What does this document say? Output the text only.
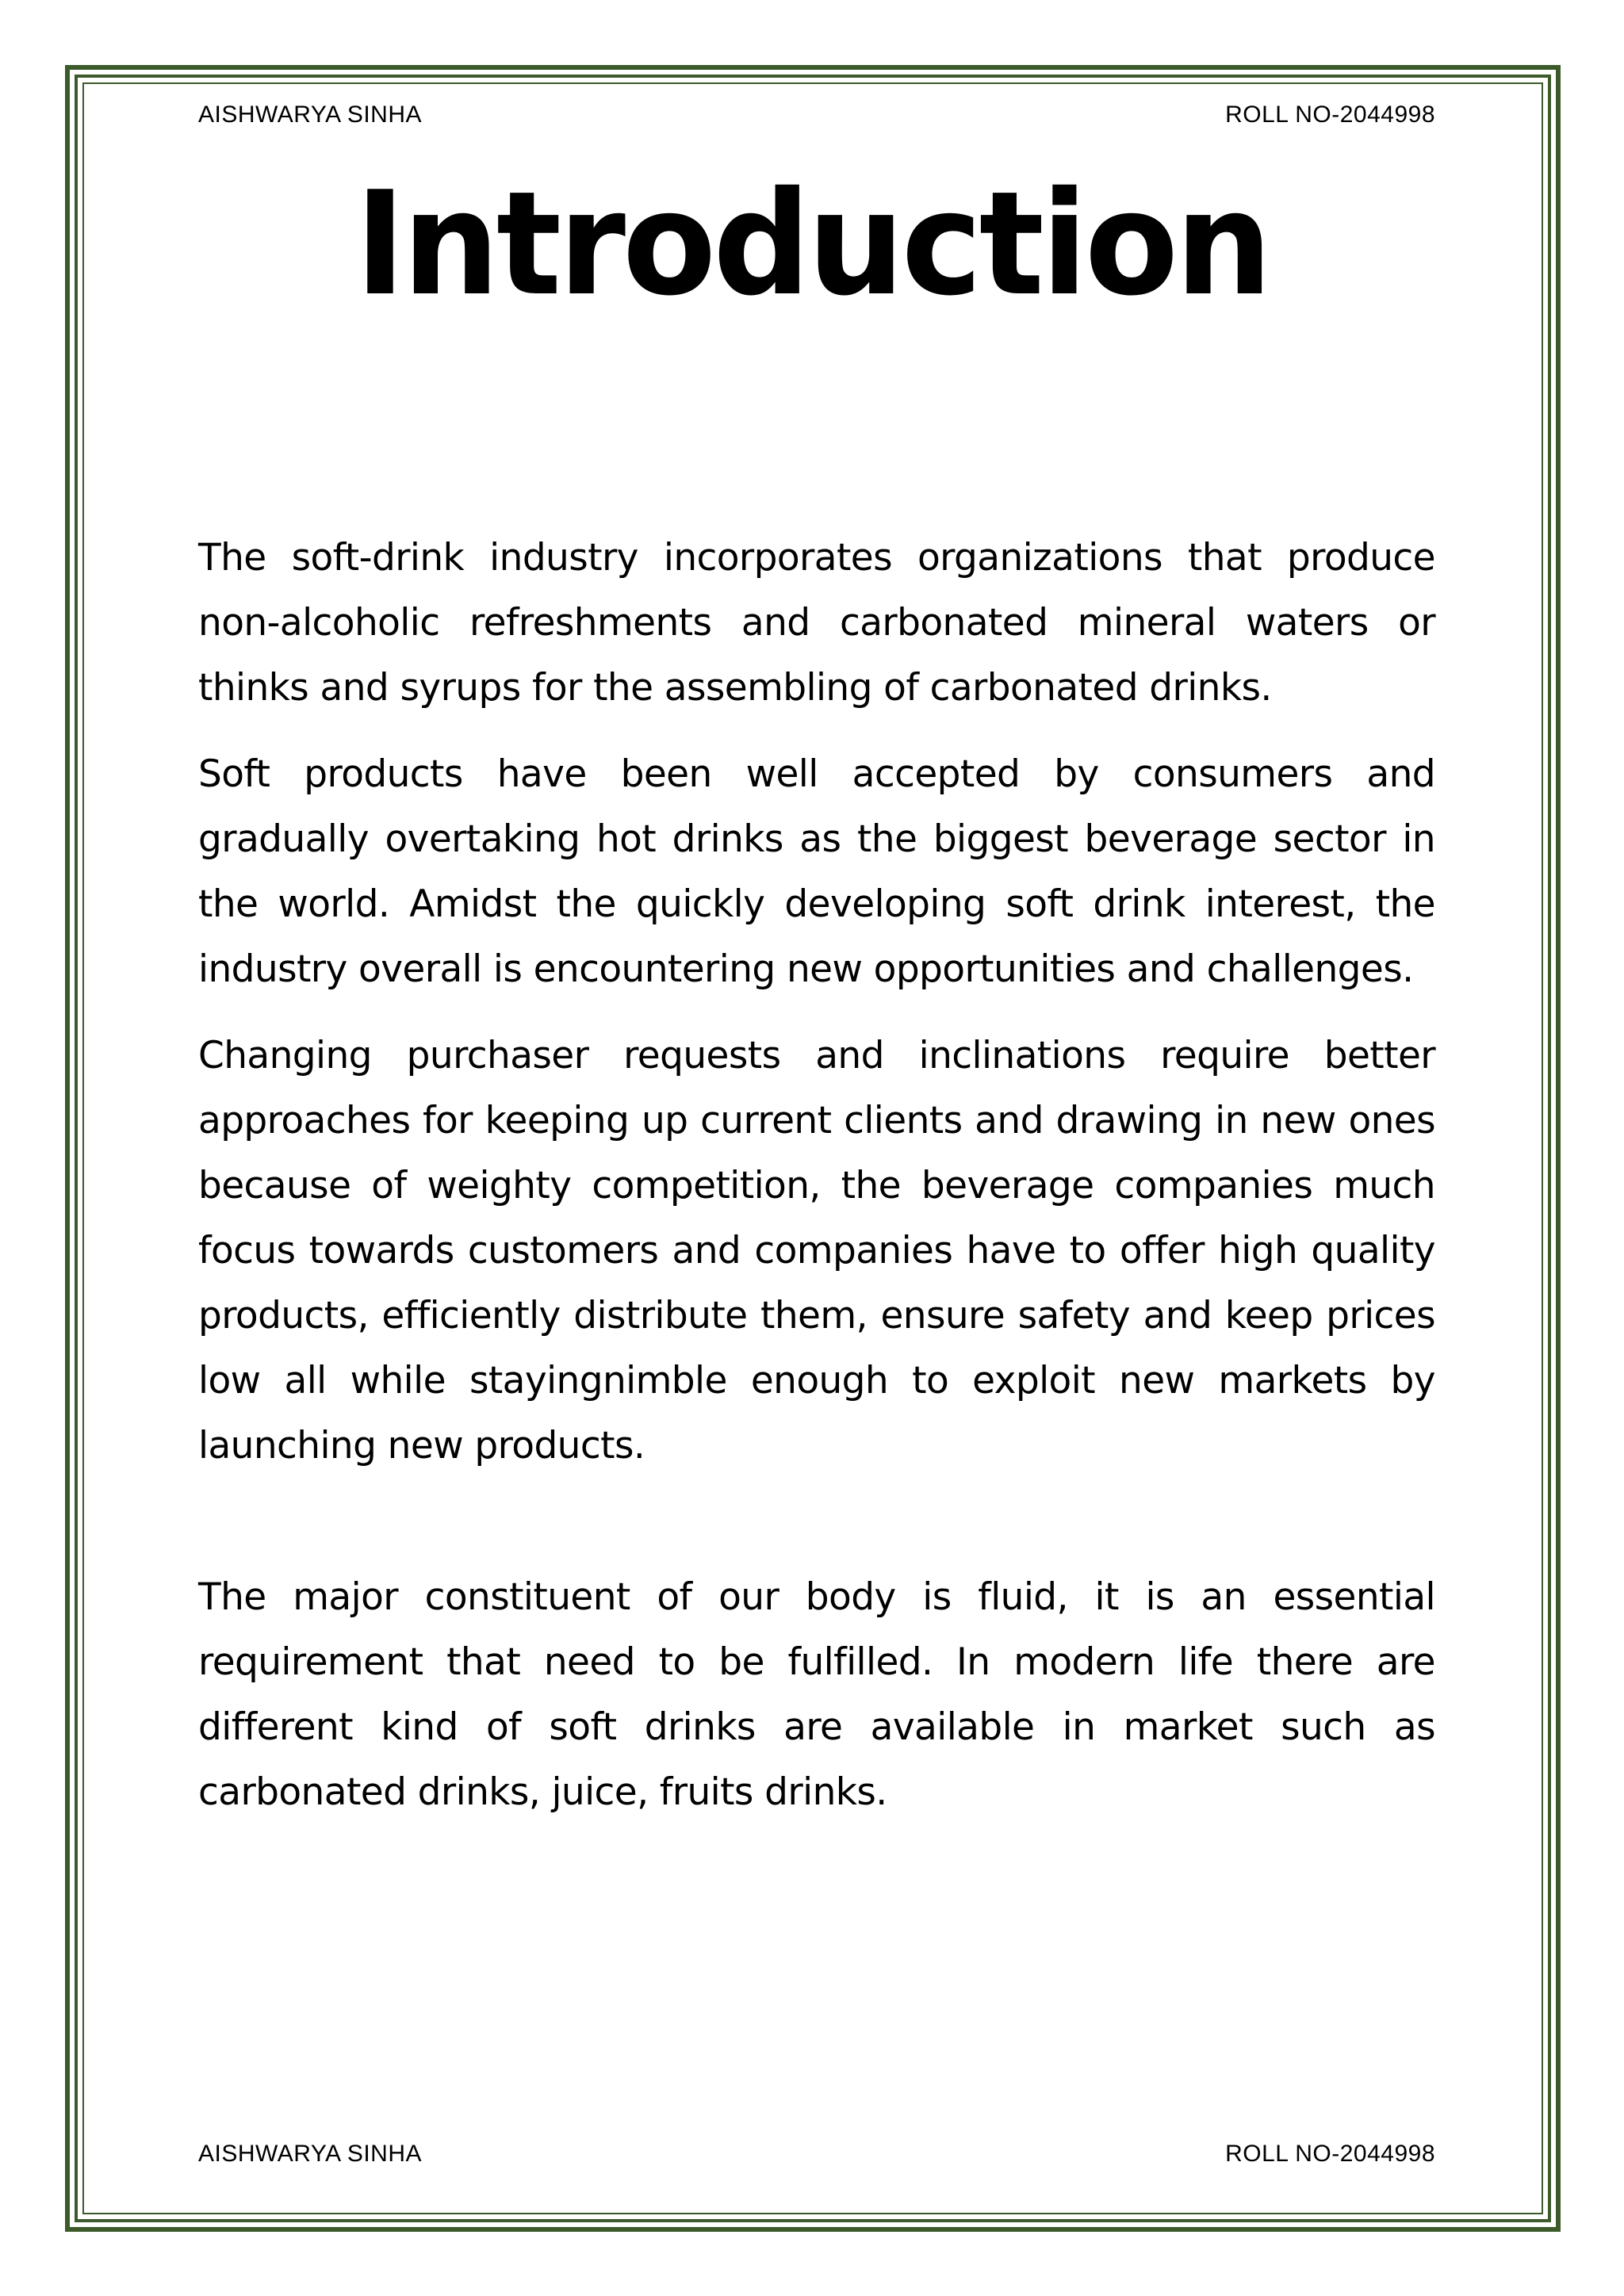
AISHWARYA SINHA	ROLL NO-2044998
Introduction

The soft-drink industry incorporates organizations that produce non-alcoholic refreshments and carbonated mineral waters or thinks and syrups for the assembling of carbonated drinks.

Soft products have been well accepted by consumers and gradually overtaking hot drinks as the biggest beverage sector in the world. Amidst the quickly developing soft drink interest, the industry overall is encountering new opportunities and challenges.

Changing purchaser requests and inclinations require better approaches for keeping up current clients and drawing in new ones because of weighty competition, the beverage companies much focus towards customers and companies have to offer high quality products, efficiently distribute them, ensure safety and keep prices low all while stayingnimble enough to exploit new markets by launching new products.

The major constituent of our body is fluid, it is an essential requirement that need to be fulfilled. In modern life there are different kind of soft drinks are available in market such as carbonated drinks, juice, fruits drinks.

AISHWARYA SINHA	ROLL NO-2044998
